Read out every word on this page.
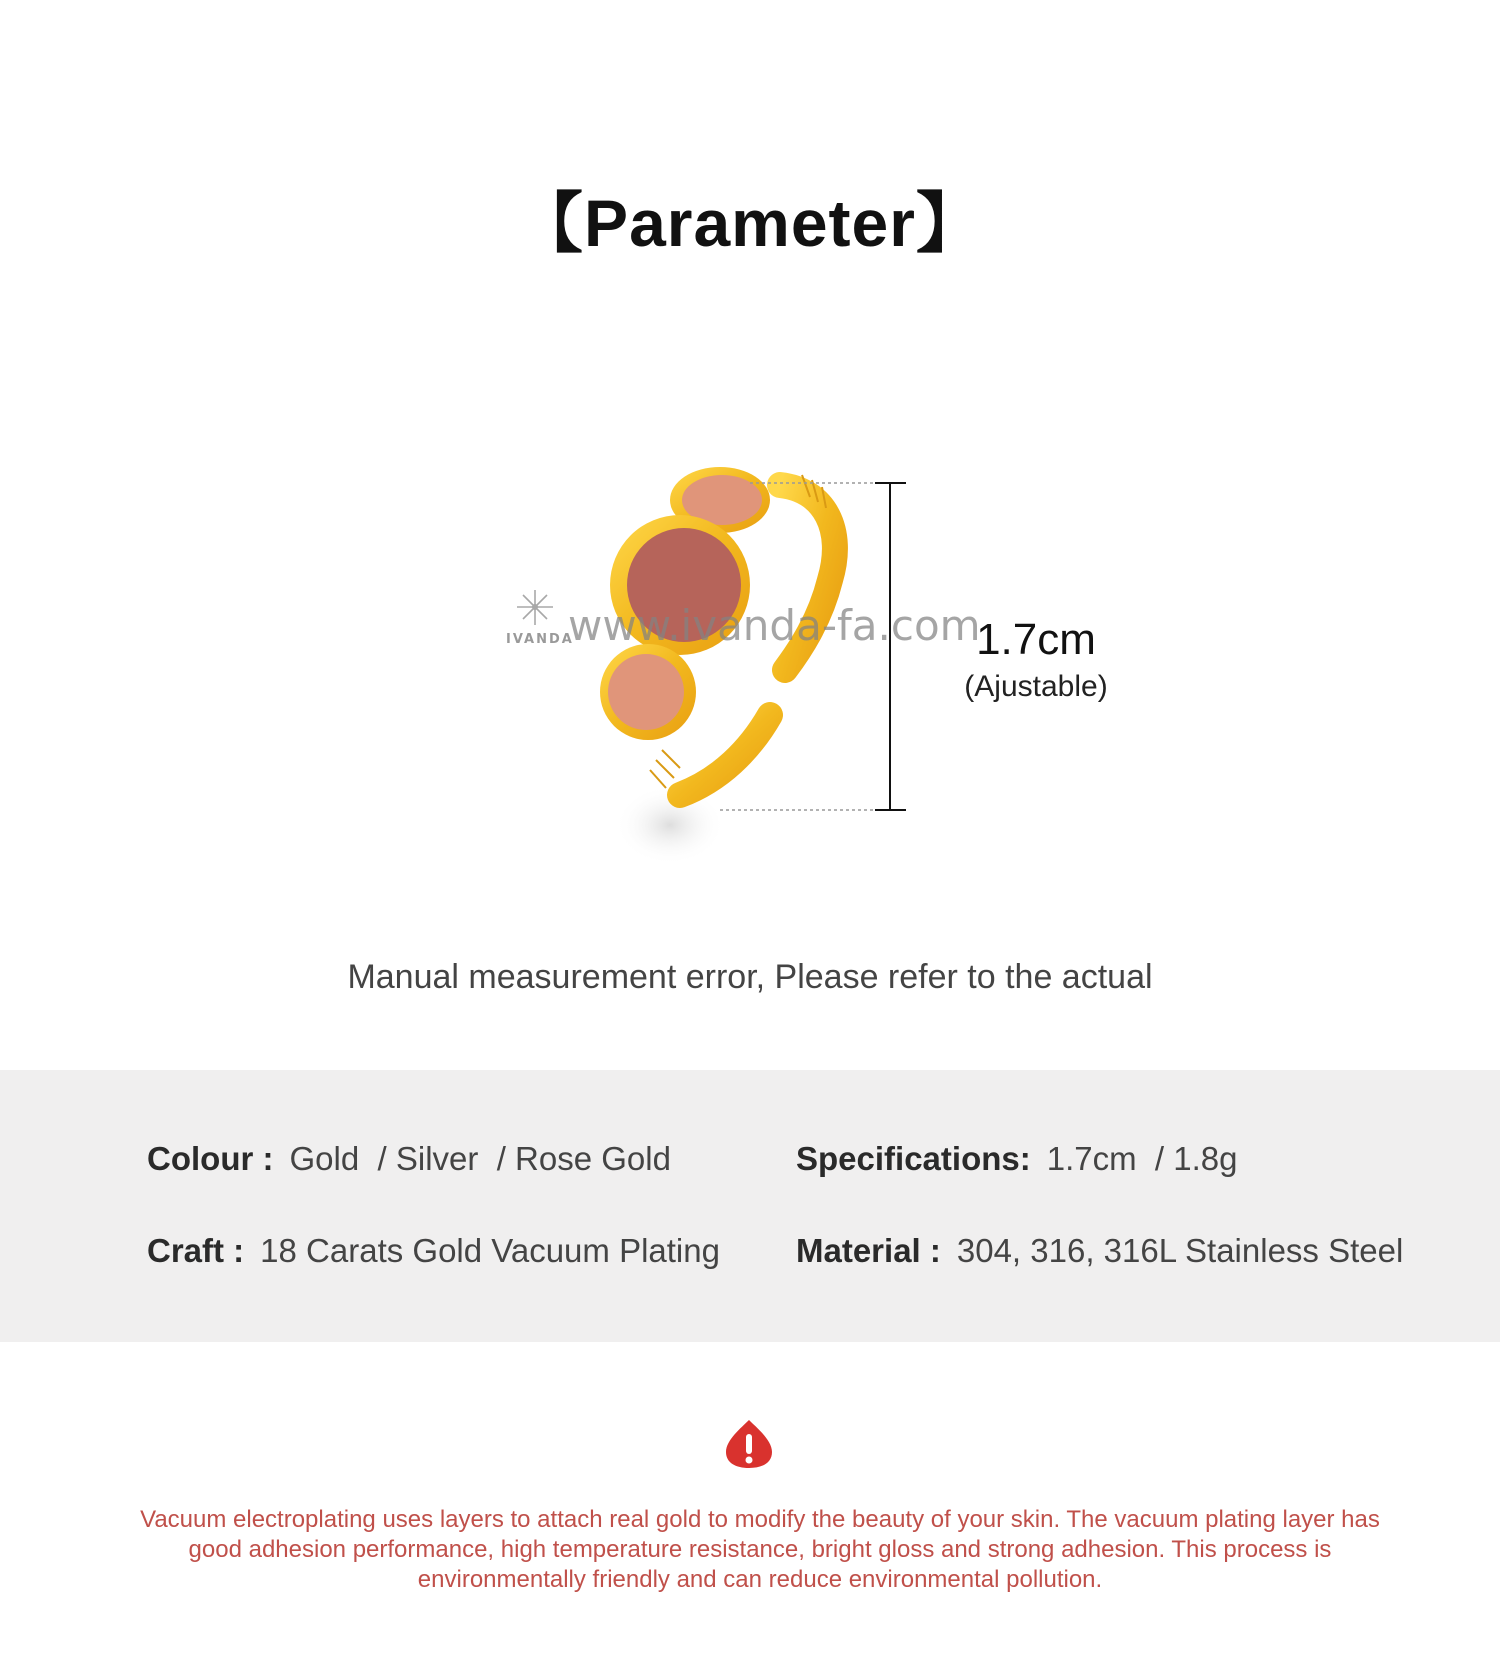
【Parameter】
IVANDA
www.ivanda-fa.com
1.7cm
(Ajustable)
Manual measurement error, Please refer to the actual
Colour : Gold  / Silver  / Rose Gold	Specifications: 1.7cm  / 1.8g
Craft : 18 Carats Gold Vacuum Plating Material : 304, 316, 316L Stainless Steel
Vacuum electroplating uses layers to attach real gold to modify the beauty of your skin. The vacuum plating layer has good adhesion performance, high temperature resistance, bright gloss and strong adhesion. This process is environmentally friendly and can reduce environmental pollution.
